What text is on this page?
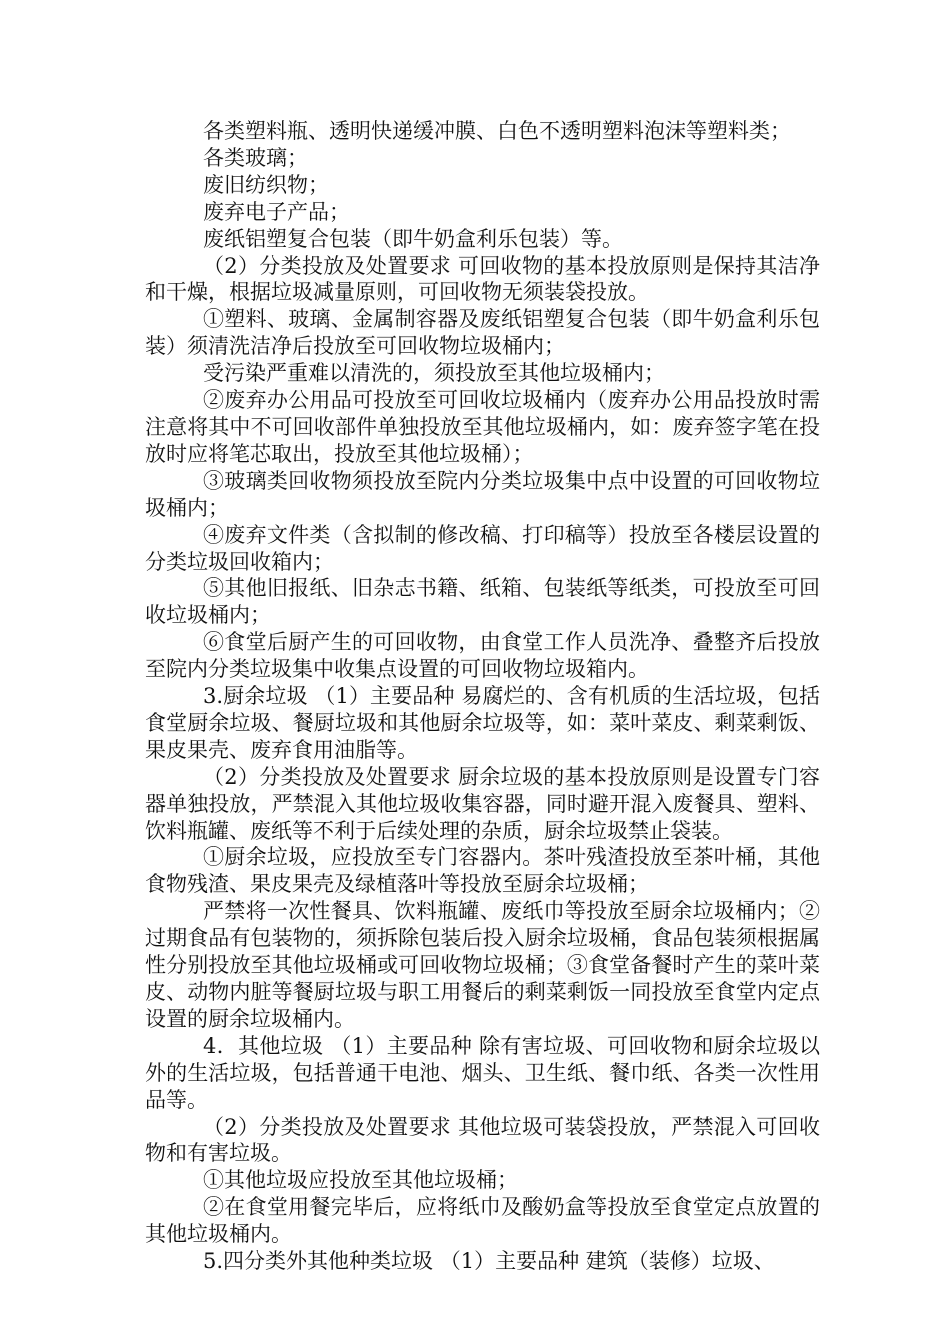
各类塑料瓶、透明快递缓冲膜、白色不透明塑料泡沫等塑料类；

各类玻璃；

废旧纺织物；

废弃电子产品；

废纸铝塑复合包装（即牛奶盒利乐包装）等。

（2）分类投放及处置要求 可回收物的基本投放原则是保持其洁净和干燥，根据垃圾减量原则，可回收物无须装袋投放。

①塑料、玻璃、金属制容器及废纸铝塑复合包装（即牛奶盒利乐包装）须清洗洁净后投放至可回收物垃圾桶内；

受污染严重难以清洗的，须投放至其他垃圾桶内；

②废弃办公用品可投放至可回收垃圾桶内（废弃办公用品投放时需注意将其中不可回收部件单独投放至其他垃圾桶内，如：废弃签字笔在投放时应将笔芯取出，投放至其他垃圾桶）；

③玻璃类回收物须投放至院内分类垃圾集中点中设置的可回收物垃圾桶内；

④废弃文件类（含拟制的修改稿、打印稿等）投放至各楼层设置的分类垃圾回收箱内；

⑤其他旧报纸、旧杂志书籍、纸箱、包装纸等纸类，可投放至可回收垃圾桶内；

⑥食堂后厨产生的可回收物，由食堂工作人员洗净、叠整齐后投放至院内分类垃圾集中收集点设置的可回收物垃圾箱内。

3.厨余垃圾 （1）主要品种 易腐烂的、含有机质的生活垃圾，包括食堂厨余垃圾、餐厨垃圾和其他厨余垃圾等，如：菜叶菜皮、剩菜剩饭、果皮果壳、废弃食用油脂等。

（2）分类投放及处置要求 厨余垃圾的基本投放原则是设置专门容器单独投放，严禁混入其他垃圾收集容器，同时避开混入废餐具、塑料、饮料瓶罐、废纸等不利于后续处理的杂质，厨余垃圾禁止袋装。

①厨余垃圾，应投放至专门容器内。茶叶残渣投放至茶叶桶，其他食物残渣、果皮果壳及绿植落叶等投放至厨余垃圾桶；

严禁将一次性餐具、饮料瓶罐、废纸巾等投放至厨余垃圾桶内；②过期食品有包装物的，须拆除包装后投入厨余垃圾桶，食品包装须根据属性分别投放至其他垃圾桶或可回收物垃圾桶；③食堂备餐时产生的菜叶菜皮、动物内脏等餐厨垃圾与职工用餐后的剩菜剩饭一同投放至食堂内定点设置的厨余垃圾桶内。

4．其他垃圾 （1）主要品种 除有害垃圾、可回收物和厨余垃圾以外的生活垃圾，包括普通干电池、烟头、卫生纸、餐巾纸、各类一次性用品等。

（2）分类投放及处置要求 其他垃圾可装袋投放，严禁混入可回收物和有害垃圾。

①其他垃圾应投放至其他垃圾桶；

②在食堂用餐完毕后，应将纸巾及酸奶盒等投放至食堂定点放置的其他垃圾桶内。

5.四分类外其他种类垃圾 （1）主要品种 建筑（装修）垃圾、
